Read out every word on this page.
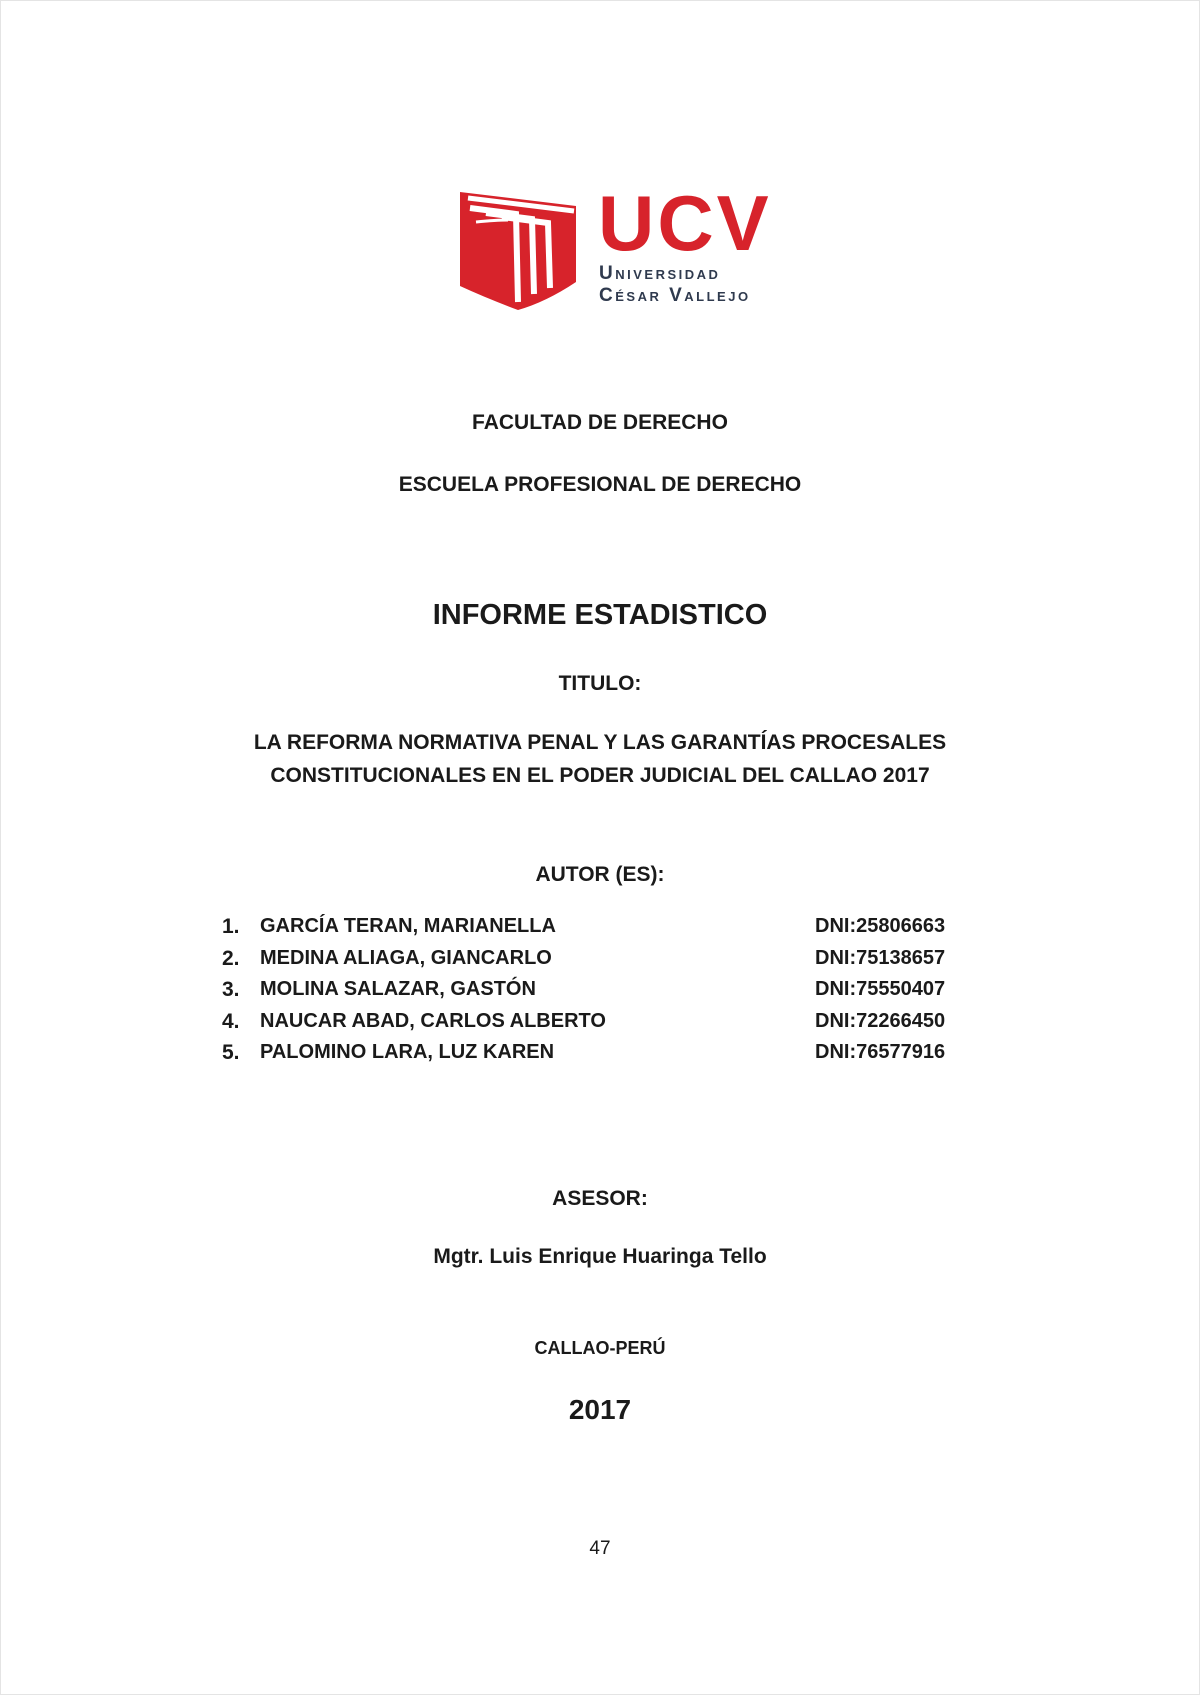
UCV
Universidad
César Vallejo
FACULTAD DE DERECHO
ESCUELA PROFESIONAL DE DERECHO
INFORME ESTADISTICO
TITULO:
LA REFORMA NORMATIVA PENAL Y LAS GARANTÍAS PROCESALES
CONSTITUCIONALES EN EL PODER JUDICIAL DEL CALLAO 2017
AUTOR (ES):
1.	GARCÍA TERAN, MARIANELLA	DNI:25806663
2.	MEDINA ALIAGA, GIANCARLO	DNI:75138657
3.	MOLINA SALAZAR, GASTÓN	DNI:75550407
4.	NAUCAR ABAD, CARLOS ALBERTO	DNI:72266450
5.	PALOMINO LARA, LUZ KAREN	DNI:76577916
ASESOR:
Mgtr. Luis Enrique Huaringa Tello
CALLAO-PERÚ
2017
47
